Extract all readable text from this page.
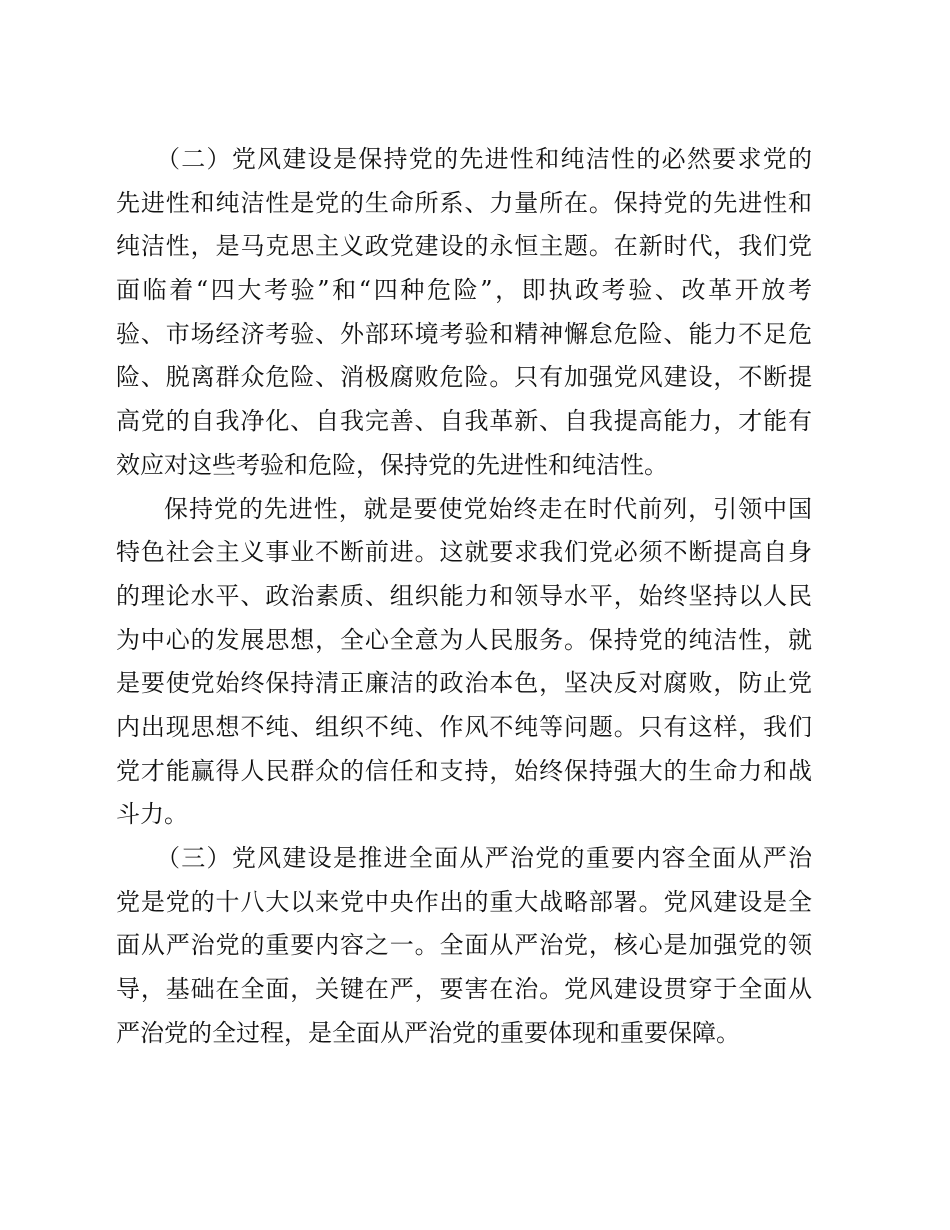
（二）党风建设是保持党的先进性和纯洁性的必然要求党的
先进性和纯洁性是党的生命所系、力量所在。保持党的先进性和
纯洁性，是马克思主义政党建设的永恒主题。在新时代，我们党
面临着“四大考验”和“四种危险”，即执政考验、改革开放考
验、市场经济考验、外部环境考验和精神懈怠危险、能力不足危
险、脱离群众危险、消极腐败危险。只有加强党风建设，不断提
高党的自我净化、自我完善、自我革新、自我提高能力，才能有
效应对这些考验和危险，保持党的先进性和纯洁性。
保持党的先进性，就是要使党始终走在时代前列，引领中国
特色社会主义事业不断前进。这就要求我们党必须不断提高自身
的理论水平、政治素质、组织能力和领导水平，始终坚持以人民
为中心的发展思想，全心全意为人民服务。保持党的纯洁性，就
是要使党始终保持清正廉洁的政治本色，坚决反对腐败，防止党
内出现思想不纯、组织不纯、作风不纯等问题。只有这样，我们
党才能赢得人民群众的信任和支持，始终保持强大的生命力和战
斗力。
（三）党风建设是推进全面从严治党的重要内容全面从严治
党是党的十八大以来党中央作出的重大战略部署。党风建设是全
面从严治党的重要内容之一。全面从严治党，核心是加强党的领
导，基础在全面，关键在严，要害在治。党风建设贯穿于全面从
严治党的全过程，是全面从严治党的重要体现和重要保障。
